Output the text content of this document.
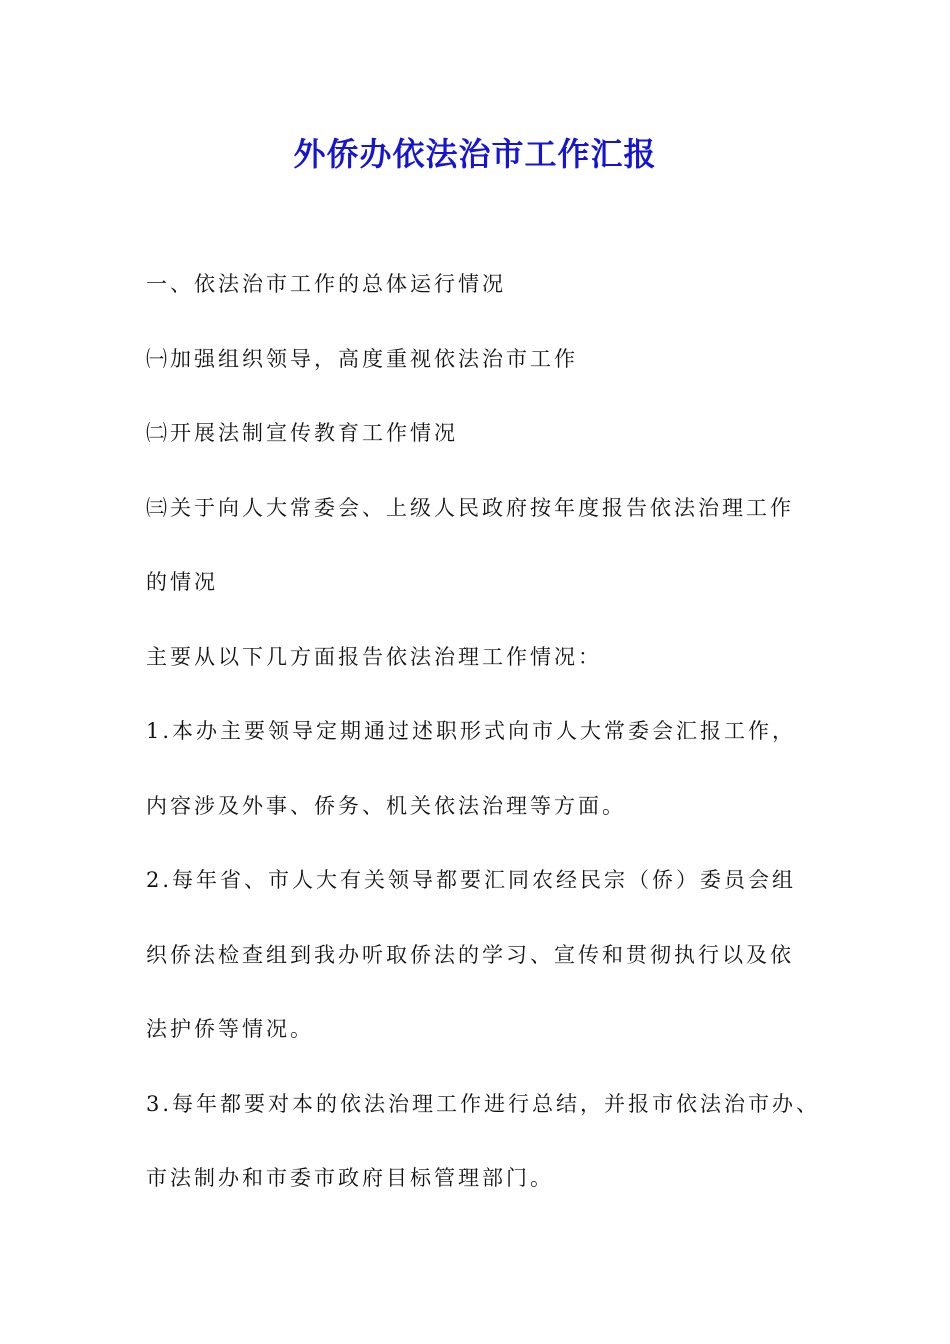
外侨办依法治市工作汇报
一、依法治市工作的总体运行情况
㈠加强组织领导，高度重视依法治市工作
㈡开展法制宣传教育工作情况
㈢关于向人大常委会、上级人民政府按年度报告依法治理工作
的情况
主要从以下几方面报告依法治理工作情况：
1.本办主要领导定期通过述职形式向市人大常委会汇报工作，
内容涉及外事、侨务、机关依法治理等方面。
2.每年省、市人大有关领导都要汇同农经民宗（侨）委员会组
织侨法检查组到我办听取侨法的学习、宣传和贯彻执行以及依
法护侨等情况。
3.每年都要对本的依法治理工作进行总结，并报市依法治市办、
市法制办和市委市政府目标管理部门。
